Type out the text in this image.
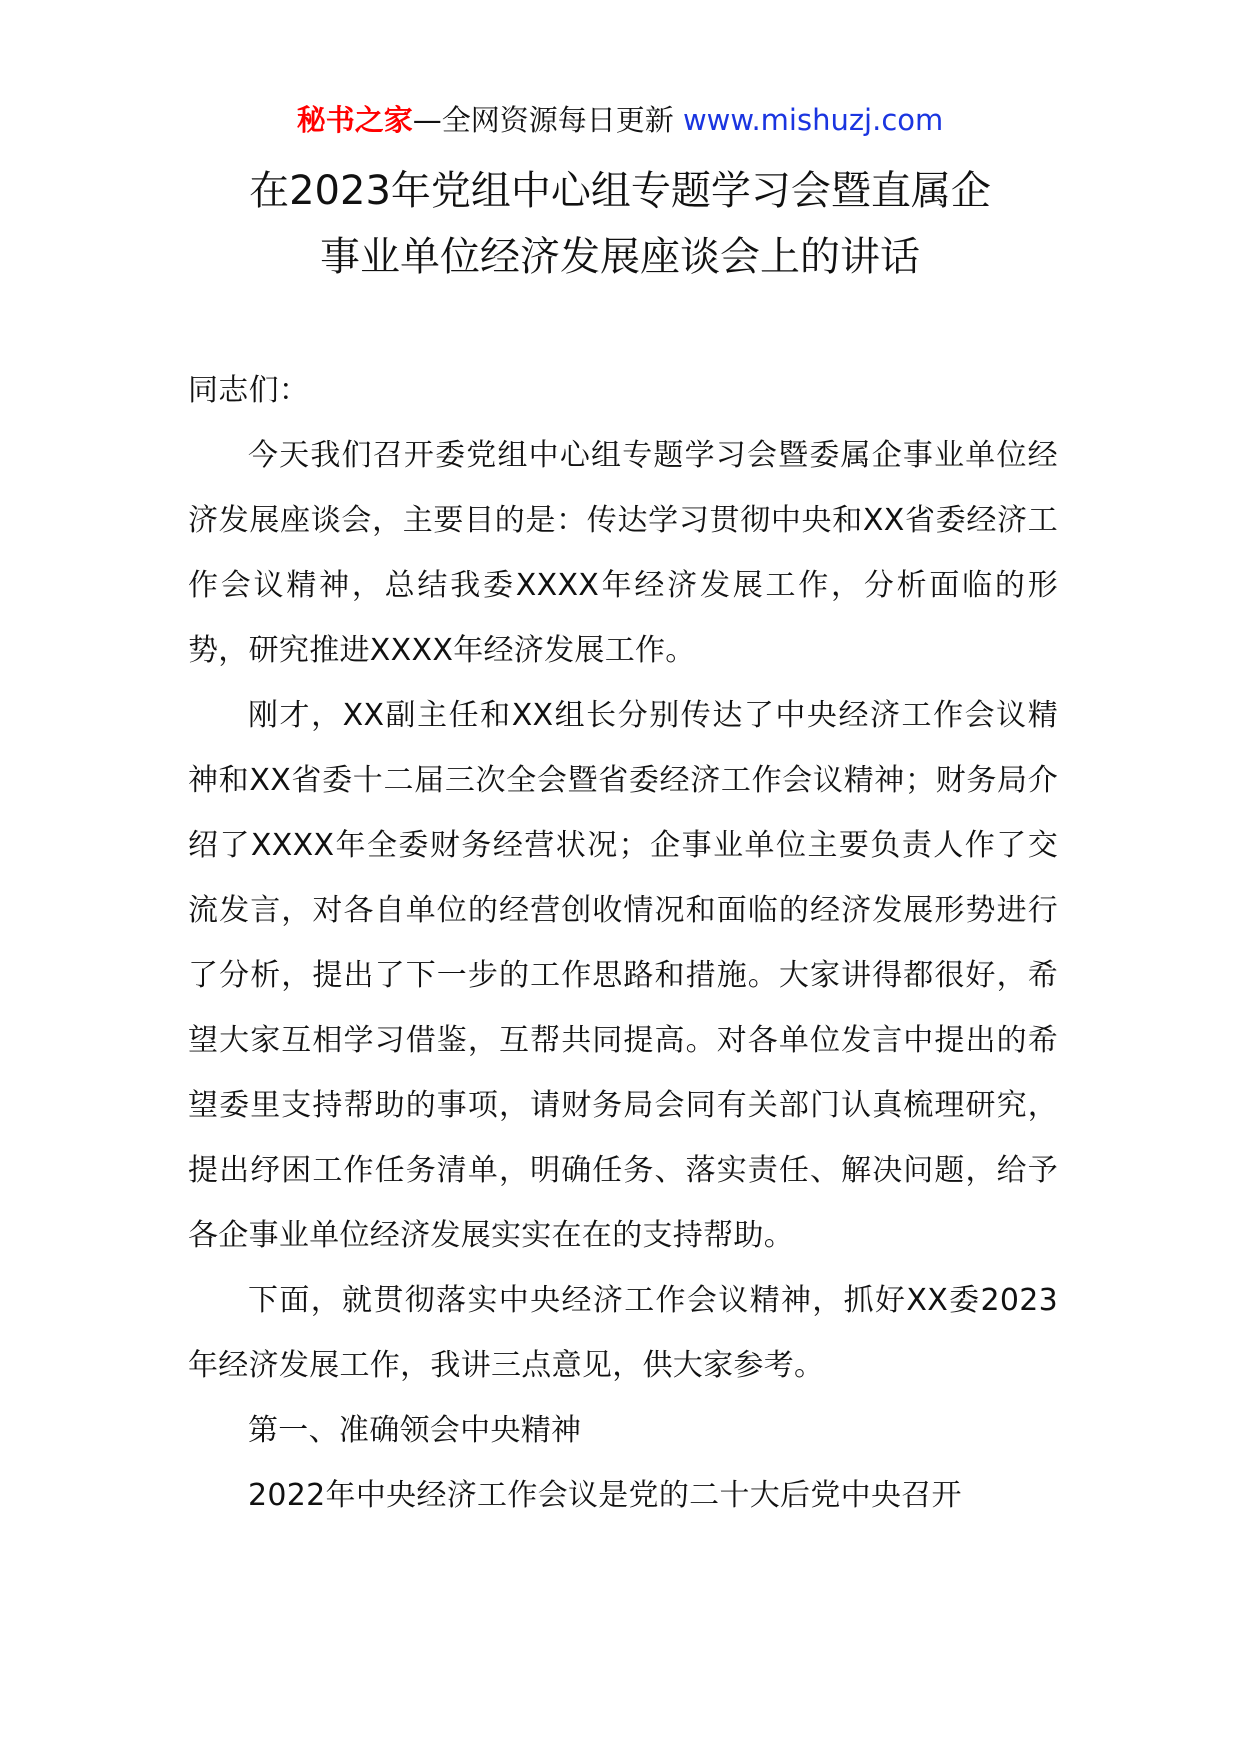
秘书之家—全网资源每日更新 www.mishuzj.com
在2023年党组中心组专题学习会暨直属企
事业单位经济发展座谈会上的讲话

同志们：

今天我们召开委党组中心组专题学习会暨委属企事业单位经济发展座谈会，主要目的是：传达学习贯彻中央和XX省委经济工作会议精神，总结我委XXXX年经济发展工作，分析面临的形势，研究推进XXXX年经济发展工作。

刚才，XX副主任和XX组长分别传达了中央经济工作会议精神和XX省委十二届三次全会暨省委经济工作会议精神；财务局介绍了XXXX年全委财务经营状况；企事业单位主要负责人作了交流发言，对各自单位的经营创收情况和面临的经济发展形势进行了分析，提出了下一步的工作思路和措施。大家讲得都很好，希望大家互相学习借鉴，互帮共同提高。对各单位发言中提出的希望委里支持帮助的事项，请财务局会同有关部门认真梳理研究，提出纾困工作任务清单，明确任务、落实责任、解决问题，给予各企事业单位经济发展实实在在的支持帮助。

下面，就贯彻落实中央经济工作会议精神，抓好XX委2023年经济发展工作，我讲三点意见，供大家参考。

第一、准确领会中央精神

2022年中央经济工作会议是党的二十大后党中央召开
